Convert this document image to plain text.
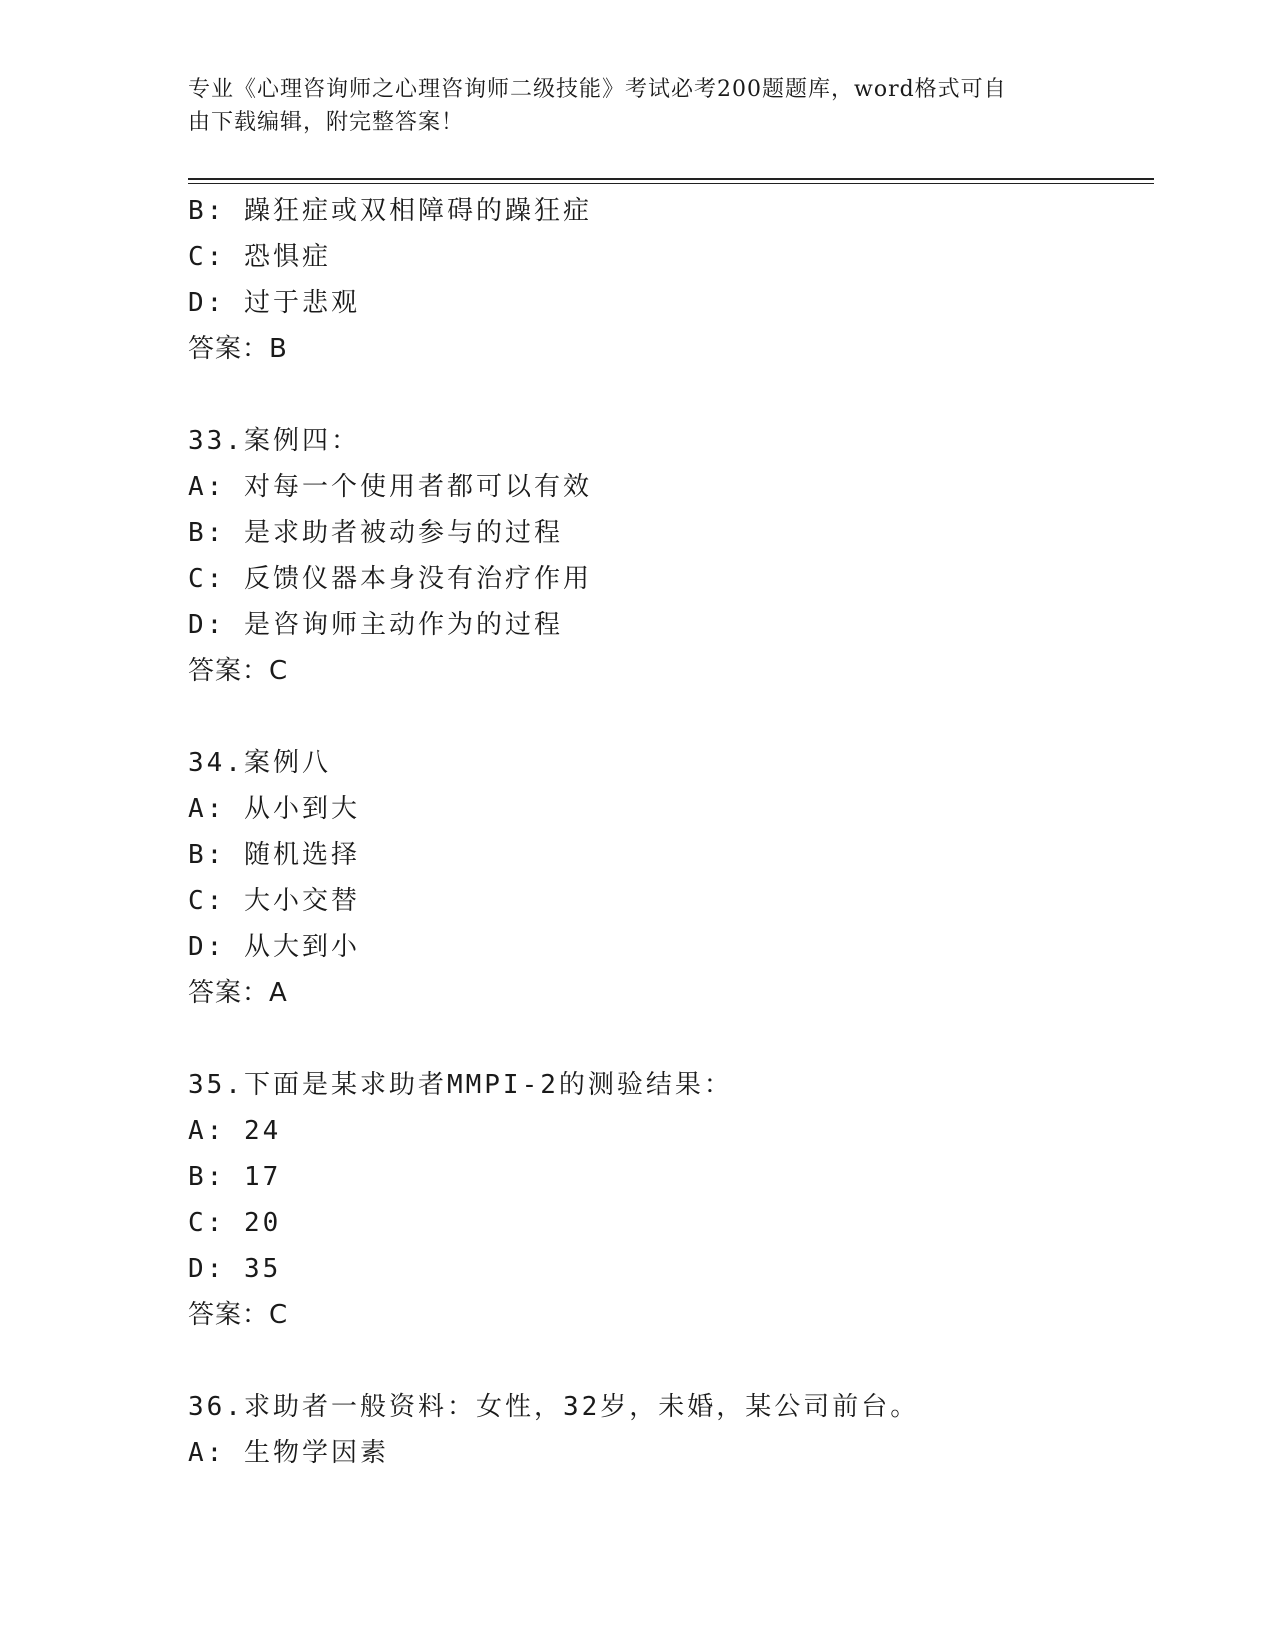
专业《心理咨询师之心理咨询师二级技能》考试必考200题题库，word格式可自
由下载编辑，附完整答案！
B: 躁狂症或双相障碍的躁狂症
C: 恐惧症
D: 过于悲观
答案：B
33.案例四：
A: 对每一个使用者都可以有效
B: 是求助者被动参与的过程
C: 反馈仪器本身没有治疗作用
D: 是咨询师主动作为的过程
答案：C
34.案例八
A: 从小到大
B: 随机选择
C: 大小交替
D: 从大到小
答案：A
35.下面是某求助者MMPI-2的测验结果：
A: 24
B: 17
C: 20
D: 35
答案：C
36.求助者一般资料：女性，32岁，未婚，某公司前台。
A: 生物学因素
